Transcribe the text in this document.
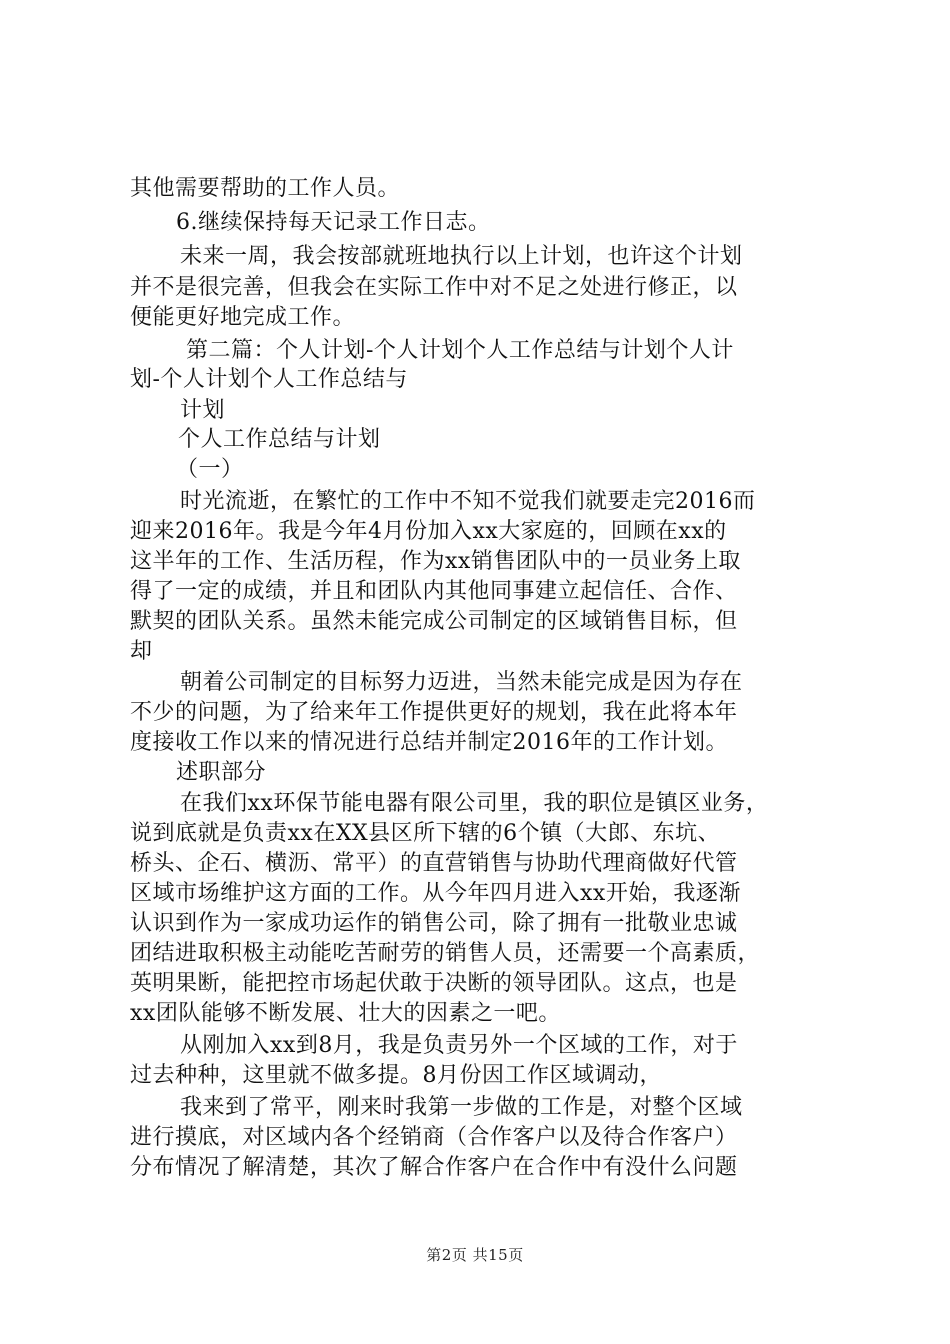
其他需要帮助的工作人员。
6.继续保持每天记录工作日志。
未来一周，我会按部就班地执行以上计划，也许这个计划
并不是很完善，但我会在实际工作中对不足之处进行修正，以
便能更好地完成工作。
第二篇：个人计划-个人计划个人工作总结与计划个人计
划-个人计划个人工作总结与
计划
个人工作总结与计划
（一）
时光流逝，在繁忙的工作中不知不觉我们就要走完2016而
迎来2016年。我是今年4月份加入xx大家庭的，回顾在xx的
这半年的工作、生活历程，作为xx销售团队中的一员业务上取
得了一定的成绩，并且和团队内其他同事建立起信任、合作、
默契的团队关系。虽然未能完成公司制定的区域销售目标，但
却
朝着公司制定的目标努力迈进，当然未能完成是因为存在
不少的问题，为了给来年工作提供更好的规划，我在此将本年
度接收工作以来的情况进行总结并制定2016年的工作计划。
述职部分
在我们xx环保节能电器有限公司里，我的职位是镇区业务，
说到底就是负责xx在XX县区所下辖的6个镇（大郎、东坑、
桥头、企石、横沥、常平）的直营销售与协助代理商做好代管
区域市场维护这方面的工作。从今年四月进入xx开始，我逐渐
认识到作为一家成功运作的销售公司，除了拥有一批敬业忠诚
团结进取积极主动能吃苦耐劳的销售人员，还需要一个高素质，
英明果断，能把控市场起伏敢于决断的领导团队。这点，也是
xx团队能够不断发展、壮大的因素之一吧。
从刚加入xx到8月，我是负责另外一个区域的工作，对于
过去种种，这里就不做多提。8月份因工作区域调动，
我来到了常平，刚来时我第一步做的工作是，对整个区域
进行摸底，对区域内各个经销商（合作客户以及待合作客户）
分布情况了解清楚，其次了解合作客户在合作中有没什么问题
第2页 共15页
